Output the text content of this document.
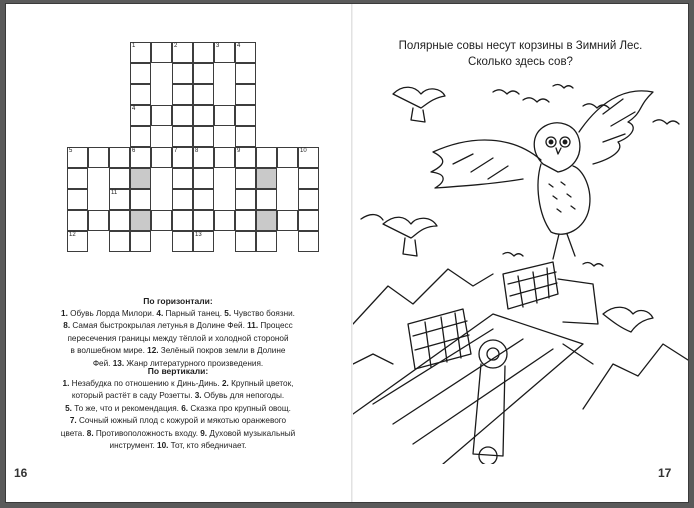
1	2	3	4
4
5	6	7	8	9	10
11
12	13
По горизонтали:
1. Обувь Лорда Милори. 4. Парный танец. 5. Чувство боязни.
8. Самая быстрокрылая летунья в Долине Фей. 11. Процесс
пересечения границы между тёплой и холодной стороной
в волшебном мире. 12. Зелёный покров земли в Долине
Фей. 13. Жанр литературного произведения.
По вертикали:
1. Незабудка по отношению к Динь-Динь. 2. Крупный цветок,
который растёт в саду Розетты. 3. Обувь для непогоды.
5. То же, что и рекомендация. 6. Сказка про крупный овощ.
7. Сочный южный плод с кожурой и мякотью оранжевого
цвета. 8. Противоположность входу. 9. Духовой музыкальный
инструмент. 10. Тот, кто ябедничает.
16
Полярные совы несут корзины в Зимний Лес.
Сколько здесь сов?
17
